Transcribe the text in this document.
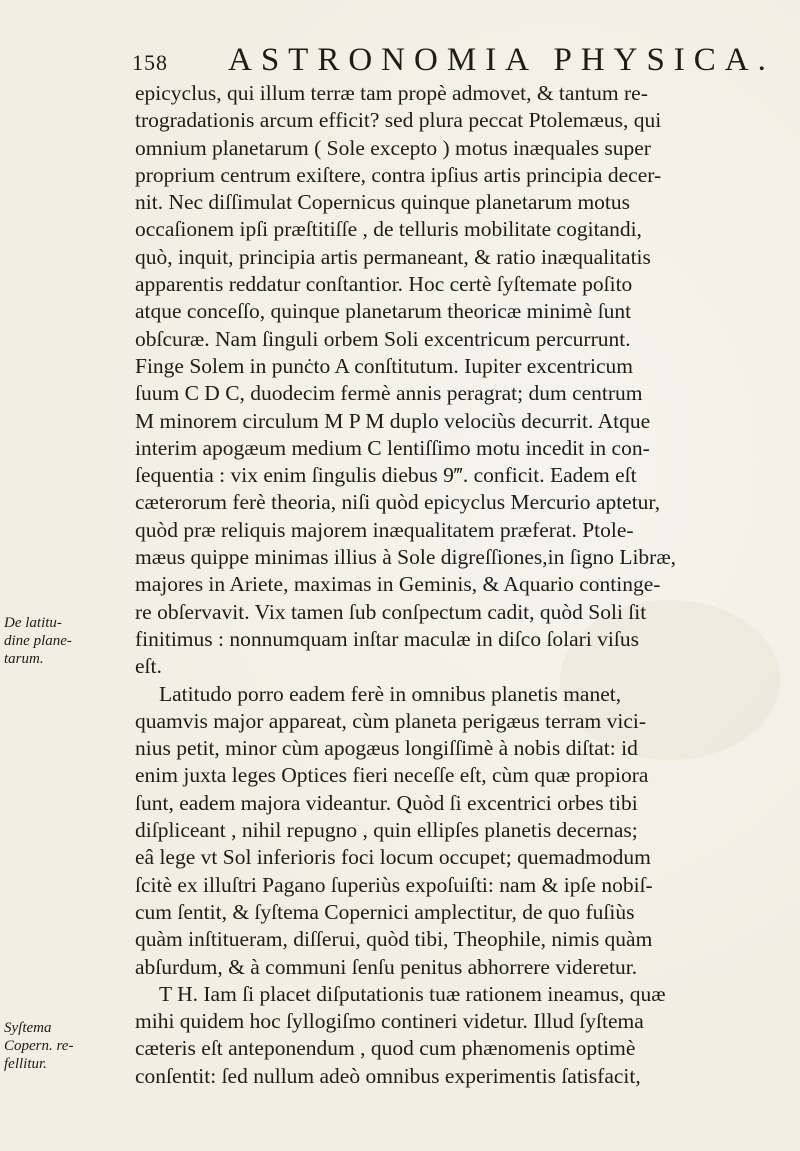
158 ASTRONOMIA PHYSICA.
De latitu-
dine plane-
tarum.
Syſtema
Copern. re-
fellitur.
epicyclus, qui illum terræ tam propè admovet, & tantum re-
trogradationis arcum efficit? sed plura peccat Ptolemæus, qui
omnium planetarum ( Sole excepto ) motus inæquales super
proprium centrum exiſtere, contra ipſius artis principia decer-
nit. Nec diſſimulat Copernicus quinque planetarum motus
occaſionem ipſi præſtitiſſe , de telluris mobilitate cogitandi,
quò, inquit, principia artis permaneant, & ratio inæqualitatis
apparentis reddatur conſtantior. Hoc certè ſyſtemate poſito
atque conceſſo, quinque planetarum theoricæ minimè ſunt
obſcuræ. Nam ſinguli orbem Soli excentricum percurrunt.
Finge Solem in punċto A conſtitutum. Iupiter excentricum
ſuum C D C, duodecim fermè annis peragrat; dum centrum
M minorem circulum M P M duplo velociùs decurrit. Atque
interim apogæum medium C lentiſſimo motu incedit in con-
ſequentia : vix enim ſingulis diebus 9‴. conficit. Eadem eſt
cæterorum ferè theoria, niſi quòd epicyclus Mercurio aptetur,
quòd præ reliquis majorem inæqualitatem præferat. Ptole-
mæus quippe minimas illius à Sole digreſſiones,in ſigno Libræ,
majores in Ariete, maximas in Geminis, & Aquario continge-
re obſervavit. Vix tamen ſub conſpectum cadit, quòd Soli ſit
finitimus : nonnumquam inſtar maculæ in diſco ſolari viſus
eſt.
Latitudo porro eadem ferè in omnibus planetis manet,
quamvis major appareat, cùm planeta perigæus terram vici-
nius petit, minor cùm apogæus longiſſimè à nobis diſtat: id
enim juxta leges Optices fieri neceſſe eſt, cùm quæ propiora
ſunt, eadem majora videantur. Quòd ſi excentrici orbes tibi
diſpliceant , nihil repugno , quin ellipſes planetis decernas;
eâ lege vt Sol inferioris foci locum occupet; quemadmodum
ſcitè ex illuſtri Pagano ſuperiùs expoſuiſti: nam & ipſe nobiſ-
cum ſentit, & ſyſtema Copernici amplectitur, de quo fuſiùs
quàm inſtitueram, diſſerui, quòd tibi, Theophile, nimis quàm
abſurdum, & à communi ſenſu penitus abhorrere videretur.
T H. Iam ſi placet diſputationis tuæ rationem ineamus, quæ
mihi quidem hoc ſyllogiſmo contineri videtur. Illud ſyſtema
cæteris eſt anteponendum , quod cum phænomenis optimè
conſentit: ſed nullum adeò omnibus experimentis ſatisfacit,
